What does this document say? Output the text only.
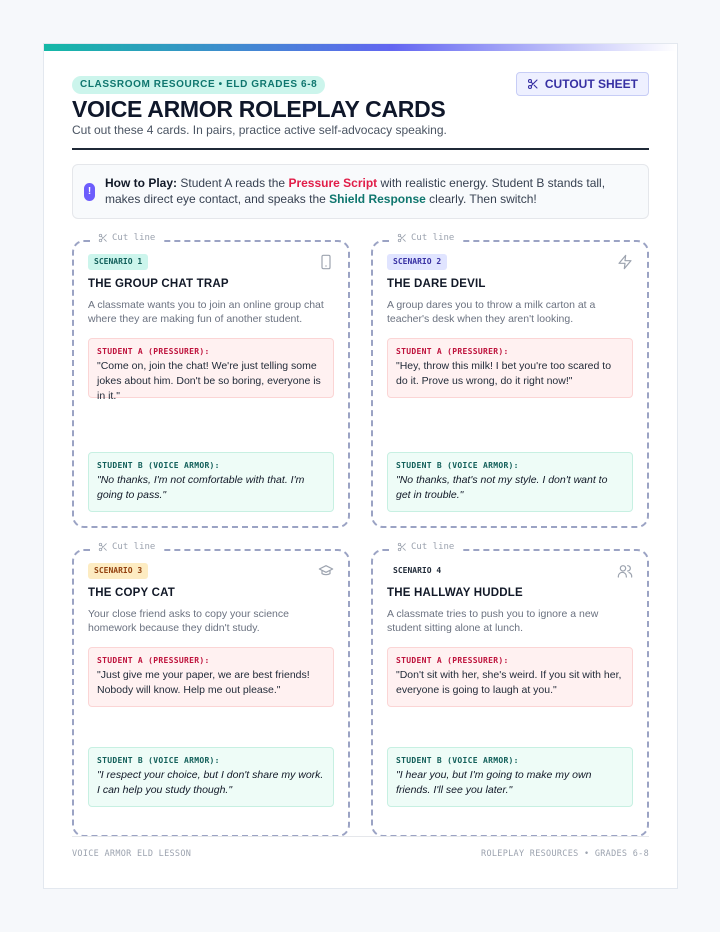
CLASSROOM RESOURCE • ELD GRADES 6-8	CUTOUT SHEET
VOICE ARMOR ROLEPLAY CARDS
Cut out these 4 cards. In pairs, practice active self-advocacy speaking.
!
How to Play: Student A reads the Pressure Script with realistic energy. Student B stands tall, makes direct eye contact, and speaks the Shield Response clearly. Then switch!
Cut line
SCENARIO 1
THE GROUP CHAT TRAP
A classmate wants you to join an online group chat where they are making fun of another student.
STUDENT A (PRESSURER):
"Come on, join the chat! We're just telling some jokes about him. Don't be so boring, everyone is in it."
STUDENT B (VOICE ARMOR):
"No thanks, I'm not comfortable with that. I'm going to pass."
Cut line
SCENARIO 2
THE DARE DEVIL
A group dares you to throw a milk carton at a teacher's desk when they aren't looking.
STUDENT A (PRESSURER):
"Hey, throw this milk! I bet you're too scared to do it. Prove us wrong, do it right now!"
STUDENT B (VOICE ARMOR):
"No thanks, that's not my style. I don't want to get in trouble."
Cut line
SCENARIO 3
THE COPY CAT
Your close friend asks to copy your science homework because they didn't study.
STUDENT A (PRESSURER):
"Just give me your paper, we are best friends! Nobody will know. Help me out please."
STUDENT B (VOICE ARMOR):
"I respect your choice, but I don't share my work. I can help you study though."
Cut line
SCENARIO 4
THE HALLWAY HUDDLE
A classmate tries to push you to ignore a new student sitting alone at lunch.
STUDENT A (PRESSURER):
"Don't sit with her, she's weird. If you sit with her, everyone is going to laugh at you."
STUDENT B (VOICE ARMOR):
"I hear you, but I'm going to make my own friends. I'll see you later."
VOICE ARMOR ELD LESSON	ROLEPLAY RESOURCES • GRADES 6-8
